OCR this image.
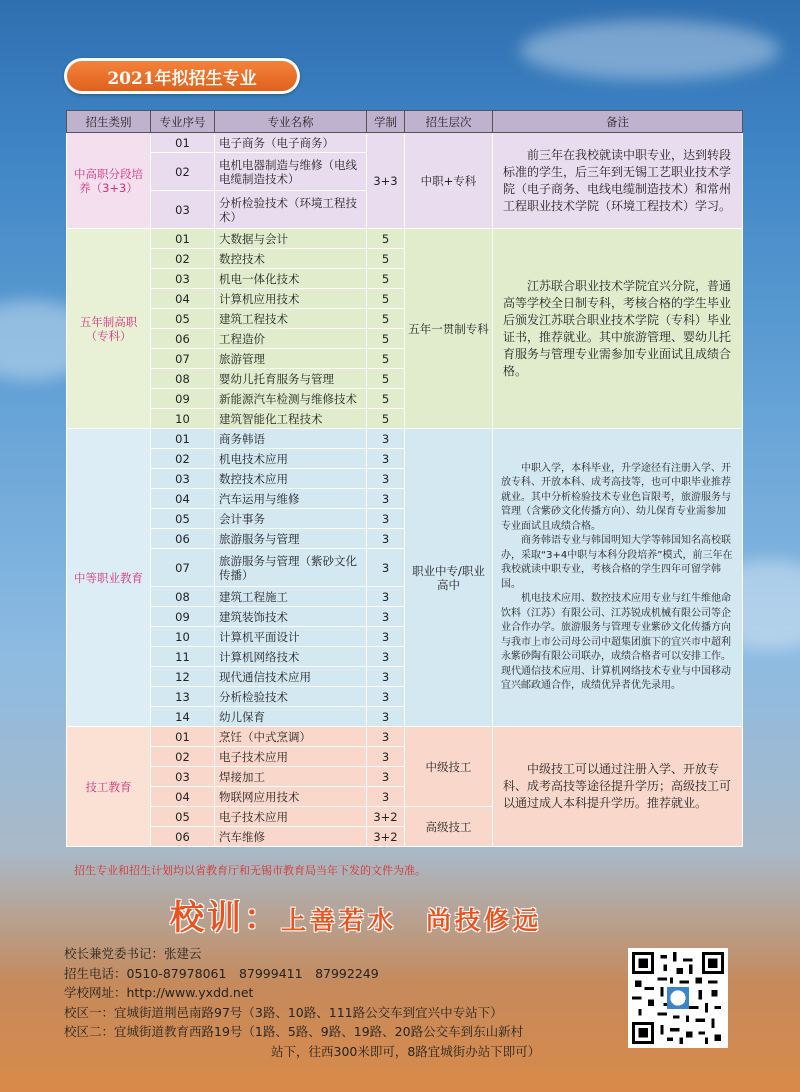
2021年拟招生专业
招生类别	专业序号	专业名称	学制	招生层次	备注
中高职分段培养（3+3）	01	电子商务（电子商务）	3+3	中职+专科	前三年在我校就读中职专业，达到转段标准的学生，后三年到无锡工艺职业技术学院（电子商务、电线电缆制造技术）和常州工程职业技术学院（环境工程技术）学习。

	02	电机电器制造与维修（电线电缆制造技术）			
	03	分析检验技术（环境工程技术）			
五年制高职（专科）	01	大数据与会计	5	五年一贯制专科	江苏联合职业技术学院宜兴分院，普通高等学校全日制专科，考核合格的学生毕业后颁发江苏联合职业技术学院（专科）毕业证书，推荐就业。其中旅游管理、婴幼儿托育服务与管理专业需参加专业面试且成绩合格。

	02	数控技术	5		
	03	机电一体化技术	5		
	04	计算机应用技术	5		
	05	建筑工程技术	5		
	06	工程造价	5		
	07	旅游管理	5		
	08	婴幼儿托育服务与管理	5		
	09	新能源汽车检测与维修技术	5		
	10	建筑智能化工程技术	5		
中等职业教育	01	商务韩语	3	职业中专/职业高中	中职入学，本科毕业，升学途径有注册入学、开放专科、开放本科、成考高技等，也可中职毕业推荐就业。其中分析检验技术专业色盲限考，旅游服务与管理（含紫砂文化传播方向）、幼儿保育专业需参加专业面试且成绩合格。

商务韩语专业与韩国明知大学等韩国知名高校联办，采取“3+4中职与本科分段培养”模式，前三年在我校就读中职专业，考核合格的学生四年可留学韩国。

机电技术应用、数控技术应用专业与红牛维他命饮料（江苏）有限公司、江苏锐成机械有限公司等企业合作办学。旅游服务与管理专业紫砂文化传播方向与我市上市公司母公司中超集团旗下的宜兴市中超利永紫砂陶有限公司联办，成绩合格者可以安排工作。现代通信技术应用、计算机网络技术专业与中国移动宜兴邮政通合作，成绩优异者优先录用。

	02	机电技术应用	3		
	03	数控技术应用	3		
	04	汽车运用与维修	3		
	05	会计事务	3		
	06	旅游服务与管理	3		
	07	旅游服务与管理（紫砂文化传播）	3		
	08	建筑工程施工	3		
	09	建筑装饰技术	3		
	10	计算机平面设计	3		
	11	计算机网络技术	3		
	12	现代通信技术应用	3		
	13	分析检验技术	3		
	14	幼儿保育	3		
技工教育	01	烹饪（中式烹调）	3	中级技工	中级技工可以通过注册入学、开放专科、成考高技等途径提升学历；高级技工可以通过成人本科提升学历。推荐就业。

	02	电子技术应用	3		
	03	焊接加工	3		
	04	物联网应用技术	3		
	05	电子技术应用	3+2	高级技工	
	06	汽车维修	3+2		
招生专业和招生计划均以省教育厅和无锡市教育局当年下发的文件为准。
校训：上善若水　尚技修远
校长兼党委书记：张建云
招生电话：0510-87978061　87999411　87992249
学校网址：http://www.yxdd.net
校区一：宜城街道荆邑南路97号（3路、10路、111路公交车到宜兴中专站下）
校区二：宜城街道教育西路19号（1路、5路、9路、19路、20路公交车到东山新村
站下，往西300米即可，8路宜城街办站下即可）
